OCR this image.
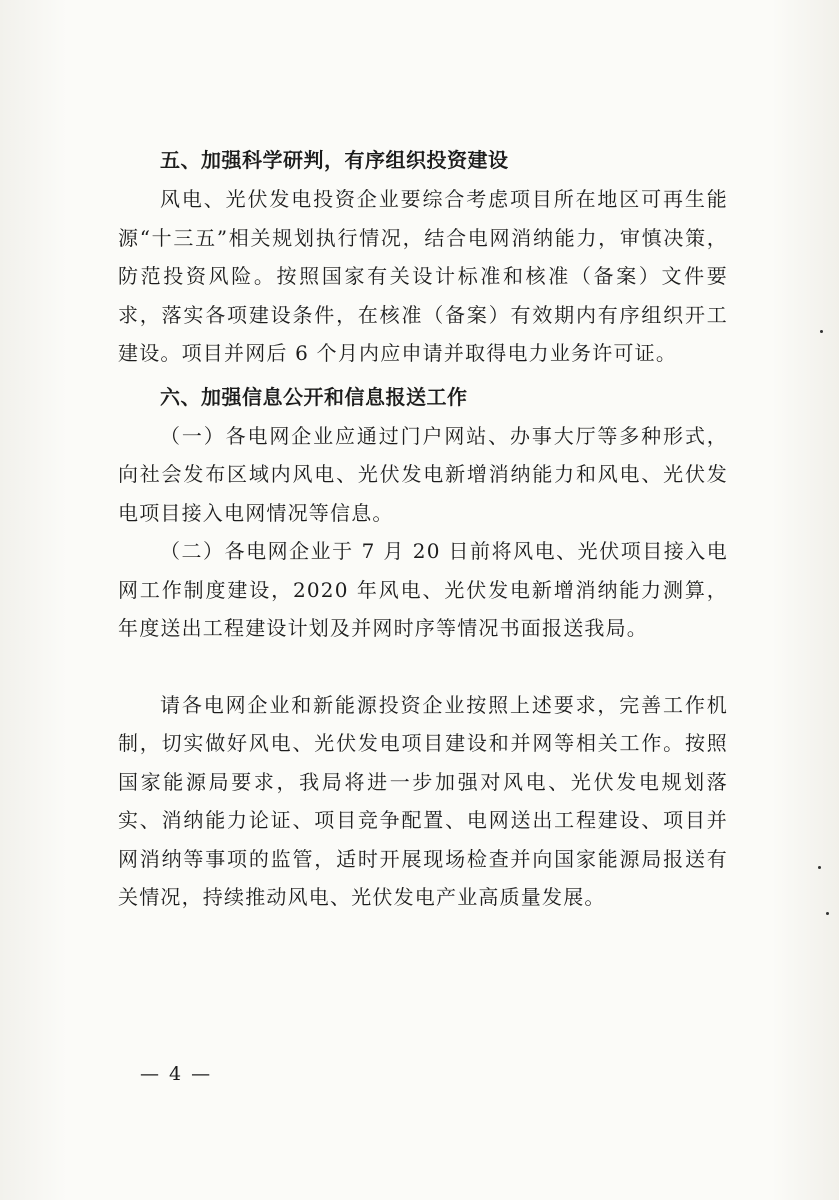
五、加强科学研判，有序组织投资建设

风电、光伏发电投资企业要综合考虑项目所在地区可再生能源“十三五”相关规划执行情况，结合电网消纳能力，审慎决策，防范投资风险。按照国家有关设计标准和核准（备案）文件要求，落实各项建设条件，在核准（备案）有效期内有序组织开工建设。项目并网后 6 个月内应申请并取得电力业务许可证。

六、加强信息公开和信息报送工作

（一）各电网企业应通过门户网站、办事大厅等多种形式，向社会发布区域内风电、光伏发电新增消纳能力和风电、光伏发电项目接入电网情况等信息。

（二）各电网企业于 7 月 20 日前将风电、光伏项目接入电网工作制度建设，2020 年风电、光伏发电新增消纳能力测算，年度送出工程建设计划及并网时序等情况书面报送我局。

请各电网企业和新能源投资企业按照上述要求，完善工作机制，切实做好风电、光伏发电项目建设和并网等相关工作。按照国家能源局要求，我局将进一步加强对风电、光伏发电规划落实、消纳能力论证、项目竞争配置、电网送出工程建设、项目并网消纳等事项的监管，适时开展现场检查并向国家能源局报送有关情况，持续推动风电、光伏发电产业高质量发展。

— 4 —
